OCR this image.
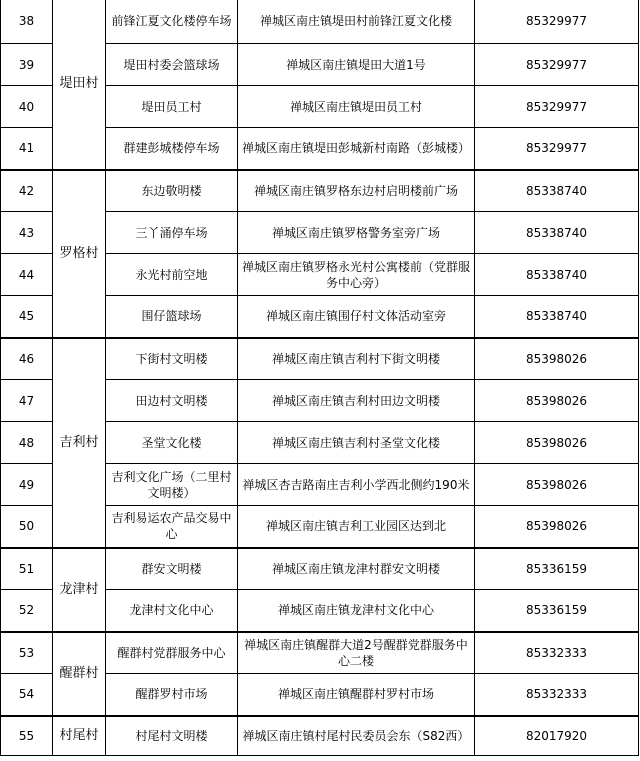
38	堤田村	前锋江夏文化楼停车场	禅城区南庄镇堤田村前锋江夏文化楼	85329977
39		堤田村委会篮球场	禅城区南庄镇堤田大道1号	85329977
40		堤田员工村	禅城区南庄镇堤田员工村	85329977
41		群建彭城楼停车场	禅城区南庄镇堤田彭城新村南路（彭城楼）	85329977
42	罗格村	东边敬明楼	禅城区南庄镇罗格东边村启明楼前广场	85338740
43		三丫涌停车场	禅城区南庄镇罗格警务室旁广场	85338740
44		永光村前空地	禅城区南庄镇罗格永光村公寓楼前（党群服务中心旁）	85338740
45		围仔篮球场	禅城区南庄镇围仔村文体活动室旁	85338740
46	吉利村	下街村文明楼	禅城区南庄镇吉利村下街文明楼	85398026
47		田边村文明楼	禅城区南庄镇吉利村田边文明楼	85398026
48		圣堂文化楼	禅城区南庄镇吉利村圣堂文化楼	85398026
49		吉利文化广场（二里村文明楼）	禅城区杏吉路南庄吉利小学西北侧约190米	85398026
50		吉利易运农产品交易中心	禅城区南庄镇吉利工业园区达到北	85398026
51	龙津村	群安文明楼	禅城区南庄镇龙津村群安文明楼	85336159
52		龙津村文化中心	禅城区南庄镇龙津村文化中心	85336159
53	醒群村	醒群村党群服务中心	禅城区南庄镇醒群大道2号醒群党群服务中心二楼	85332333
54		醒群罗村市场	禅城区南庄镇醒群村罗村市场	85332333
55	村尾村	村尾村文明楼	禅城区南庄镇村尾村民委员会东（S82西）	82017920
